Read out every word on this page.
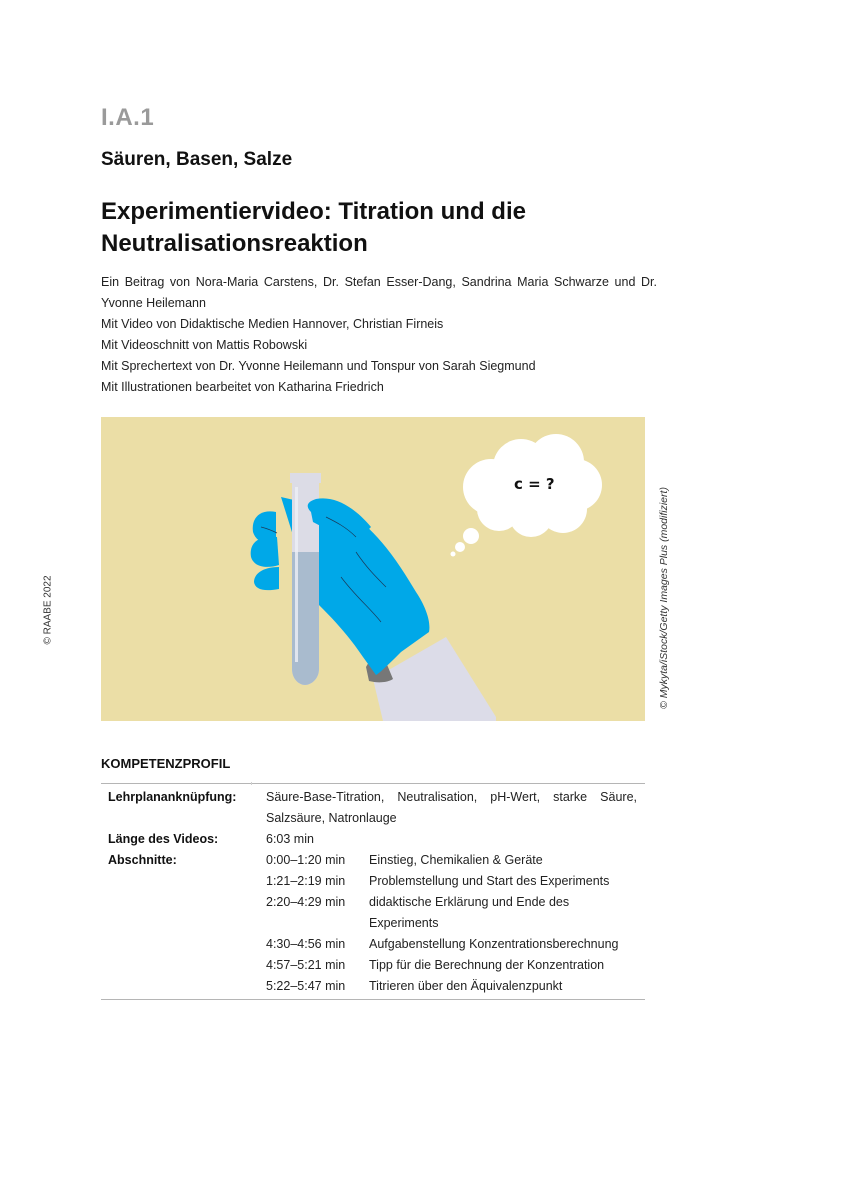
I.A.1
Säuren, Basen, Salze
Experimentiervideo: Titration und die Neutralisationsreaktion

Ein Beitrag von Nora-Maria Carstens, Dr. Stefan Esser-Dang, Sandrina Maria Schwarze und Dr. Yvonne Heilemann

Mit Video von Didaktische Medien Hannover, Christian Firneis

Mit Videoschnitt von Mattis Robowski

Mit Sprechertext von Dr. Yvonne Heilemann und Tonspur von Sarah Siegmund

Mit Illustrationen bearbeitet von Katharina Friedrich

© RAABE 2022
c = ?
© Mykyta/iStock/Getty Images Plus (modifiziert)
KOMPETENZPROFIL
Lehrplananknüpfung:	Säure-Base-Titration, Neutralisation, pH-Wert, starke Säure, Salzsäure, Natronlauge
Länge des Videos:	6:03 min
Abschnitte:	0:00–1:20 min	Einstieg, Chemikalien & Geräte
1:21–2:19 min	Problemstellung und Start des Experiments
2:20–4:29 min	didaktische Erklärung und Ende des Experiments
4:30–4:56 min	Aufgabenstellung Konzentrationsberechnung
4:57–5:21 min	Tipp für die Berechnung der Konzentration
5:22–5:47 min	Titrieren über den Äquivalenzpunkt
